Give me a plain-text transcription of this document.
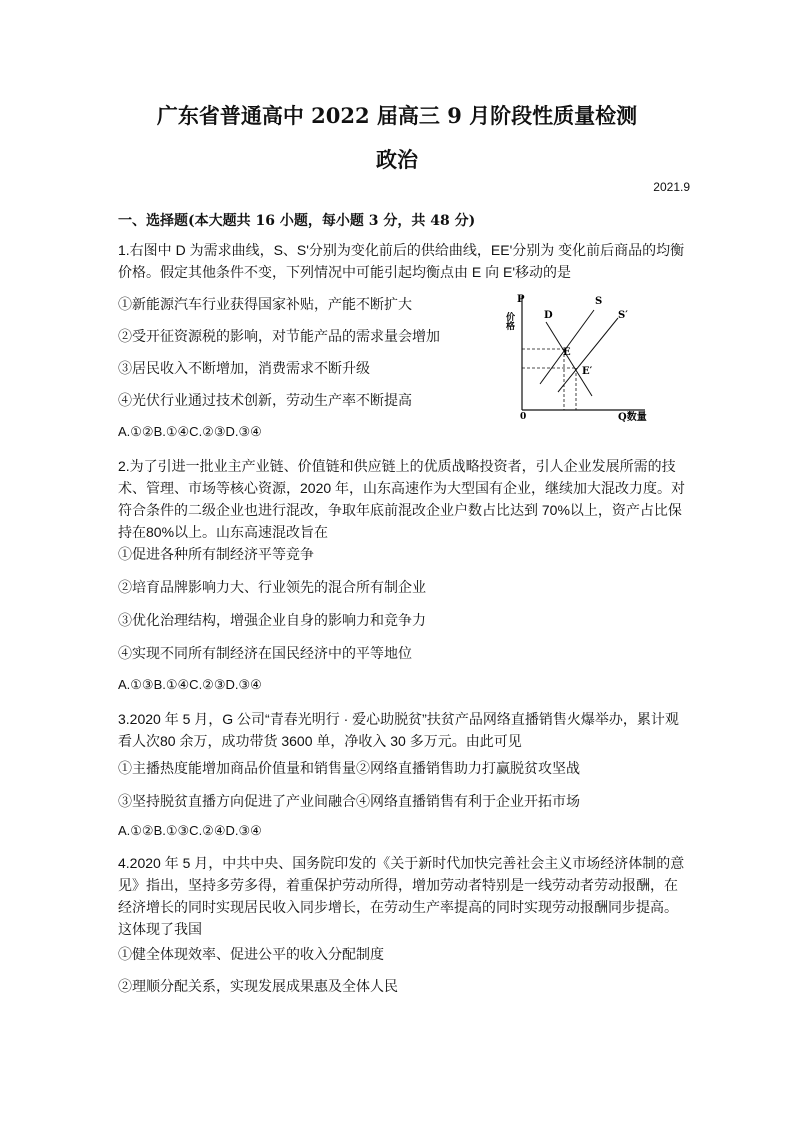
广东省普通高中 2022 届高三 9 月阶段性质量检测
政治
2021.9
一、选择题(本大题共 16 小题，每小题 3 分，共 48 分)
1.右图中 D 为需求曲线，S、S'分别为变化前后的供给曲线，EE'分别为 变化前后商品的均衡价格。假定其他条件不变，下列情况中可能引起均衡点由 E 向 E'移动的是
①新能源汽车行业获得国家补贴，产能不断扩大
②受开征资源税的影响，对节能产品的需求量会增加
③居民收入不断增加，消费需求不断升级
④光伏行业通过技术创新，劳动生产率不断提高
A.①②B.①④C.②③D.③④
P
价格
0	Q数量
D
S
S′
E
E′
2.为了引进一批业主产业链、价值链和供应链上的优质战略投资者，引人企业发展所需的技术、管理、市场等核心资源，2020 年，山东高速作为大型国有企业，继续加大混改力度。对符合条件的二级企业也进行混改，争取年底前混改企业户数占比达到 70%以上，资产占比保持在80%以上。山东高速混改旨在
①促进各种所有制经济平等竞争
②培育品牌影响力大、行业领先的混合所有制企业
③优化治理结构，增强企业自身的影响力和竞争力
④实现不同所有制经济在国民经济中的平等地位
A.①③B.①④C.②③D.③④
3.2020 年 5 月，G 公司“青春光明行 · 爱心助脱贫”扶贫产品网络直播销售火爆举办，累计观看人次80 余万，成功带货 3600 单，净收入 30 多万元。由此可见
①主播热度能增加商品价值量和销售量②网络直播销售助力打赢脱贫攻坚战
③坚持脱贫直播方向促进了产业间融合④网络直播销售有利于企业开拓市场
A.①②B.①③C.②④D.③④
4.2020 年 5 月，中共中央、国务院印发的《关于新时代加快完善社会主义市场经济体制的意见》指出，坚持多劳多得，着重保护劳动所得，增加劳动者特别是一线劳动者劳动报酬，在经济增长的同时实现居民收入同步增长，在劳动生产率提高的同时实现劳动报酬同步提高。这体现了我国
①健全体现效率、促进公平的收入分配制度
②理顺分配关系，实现发展成果惠及全体人民
